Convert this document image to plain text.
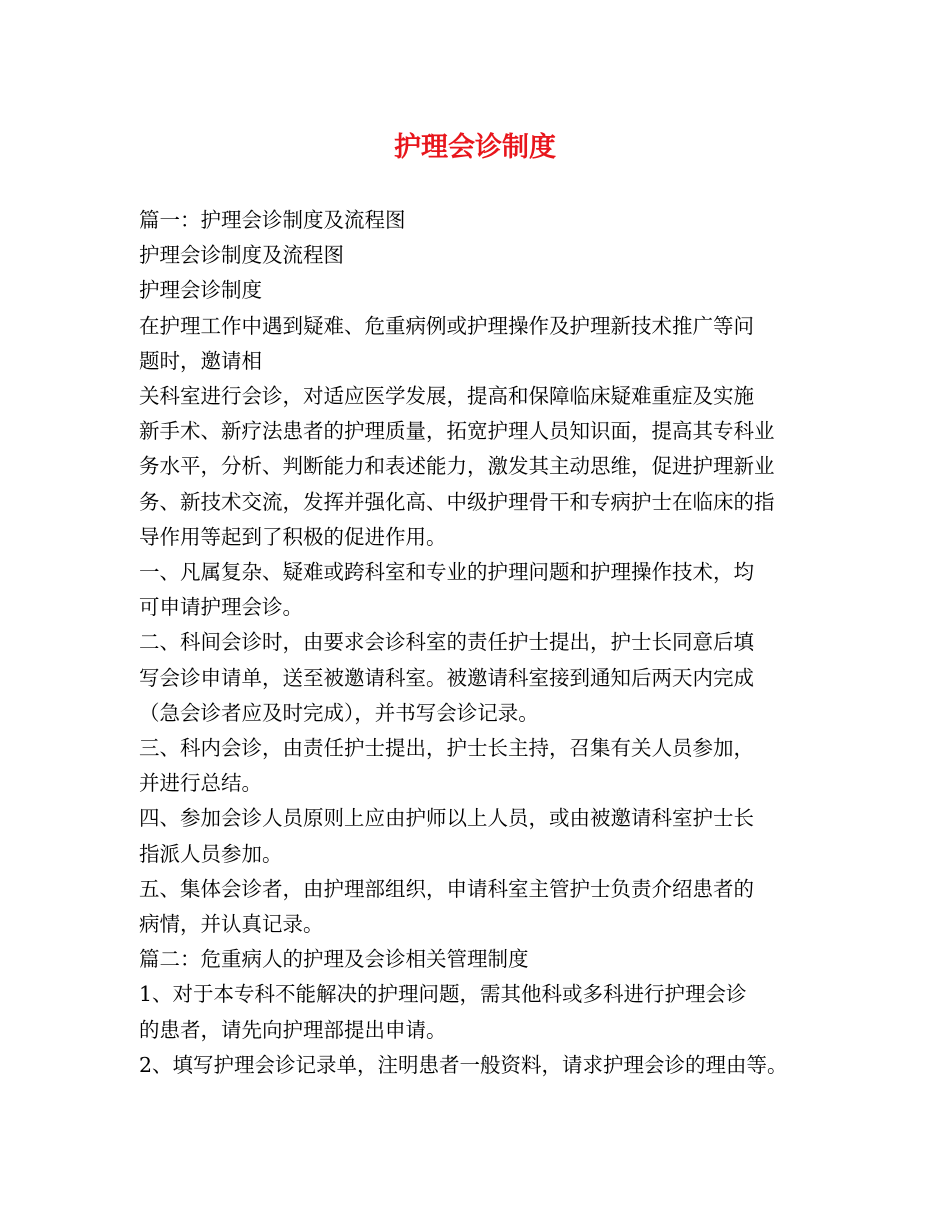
护理会诊制度

篇一：护理会诊制度及流程图

护理会诊制度及流程图

护理会诊制度

在护理工作中遇到疑难、危重病例或护理操作及护理新技术推广等问

题时，邀请相

关科室进行会诊，对适应医学发展，提高和保障临床疑难重症及实施

新手术、新疗法患者的护理质量，拓宽护理人员知识面，提高其专科业

务水平，分析、判断能力和表述能力，激发其主动思维，促进护理新业

务、新技术交流，发挥并强化高、中级护理骨干和专病护士在临床的指

导作用等起到了积极的促进作用。

一、凡属复杂、疑难或跨科室和专业的护理问题和护理操作技术，均

可申请护理会诊。

二、科间会诊时，由要求会诊科室的责任护士提出，护士长同意后填

写会诊申请单，送至被邀请科室。被邀请科室接到通知后两天内完成

（急会诊者应及时完成），并书写会诊记录。

三、科内会诊，由责任护士提出，护士长主持，召集有关人员参加，

并进行总结。

四、参加会诊人员原则上应由护师以上人员，或由被邀请科室护士长

指派人员参加。

五、集体会诊者，由护理部组织，申请科室主管护士负责介绍患者的

病情，并认真记录。

篇二：危重病人的护理及会诊相关管理制度

1、对于本专科不能解决的护理问题，需其他科或多科进行护理会诊

的患者，请先向护理部提出申请。

2、填写护理会诊记录单，注明患者一般资料，请求护理会诊的理由等。
